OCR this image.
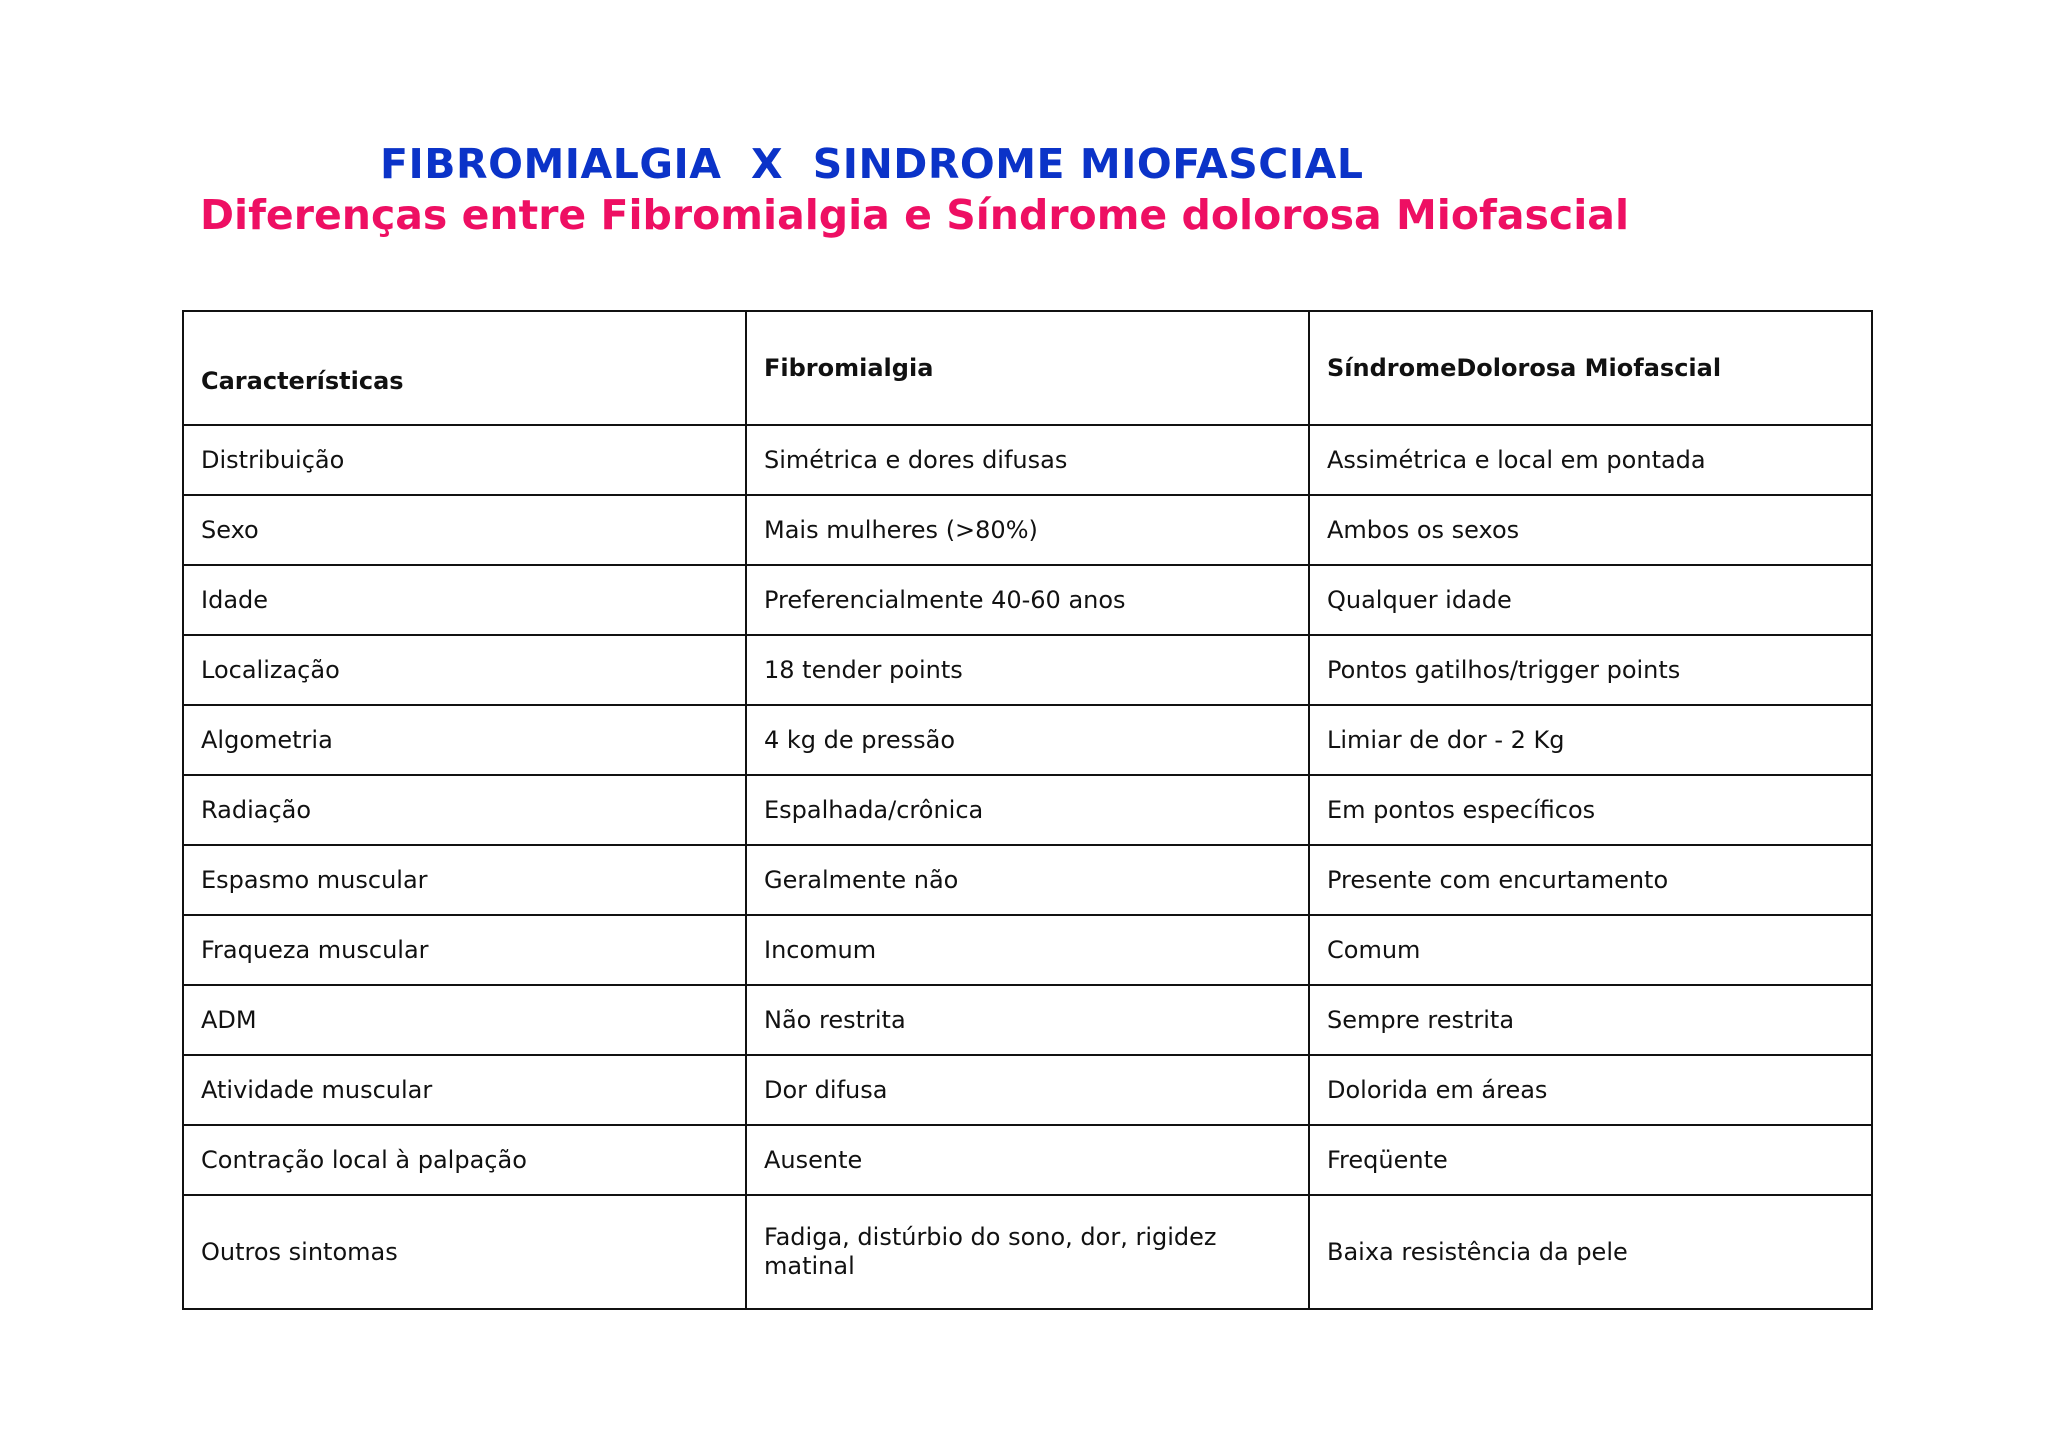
FIBROMIALGIA  X  SINDROME MIOFASCIAL
Diferenças entre Fibromialgia e Síndrome dolorosa Miofascial
Características	Fibromialgia	SíndromeDolorosa Miofascial
Distribuição	Simétrica e dores difusas	Assimétrica e local em pontada
Sexo	Mais mulheres (>80%)	Ambos os sexos
Idade	Preferencialmente 40-60 anos	Qualquer idade
Localização	18 tender points	Pontos gatilhos/trigger points
Algometria	4 kg de pressão	Limiar de dor - 2 Kg
Radiação	Espalhada/crônica	Em pontos específicos
Espasmo muscular	Geralmente não	Presente com encurtamento
Fraqueza muscular	Incomum	Comum
ADM	Não restrita	Sempre restrita
Atividade muscular	Dor difusa	Dolorida em áreas
Contração local à palpação	Ausente	Freqüente
Outros sintomas	Fadiga, distúrbio do sono, dor, rigidez matinal	Baixa resistência da pele
